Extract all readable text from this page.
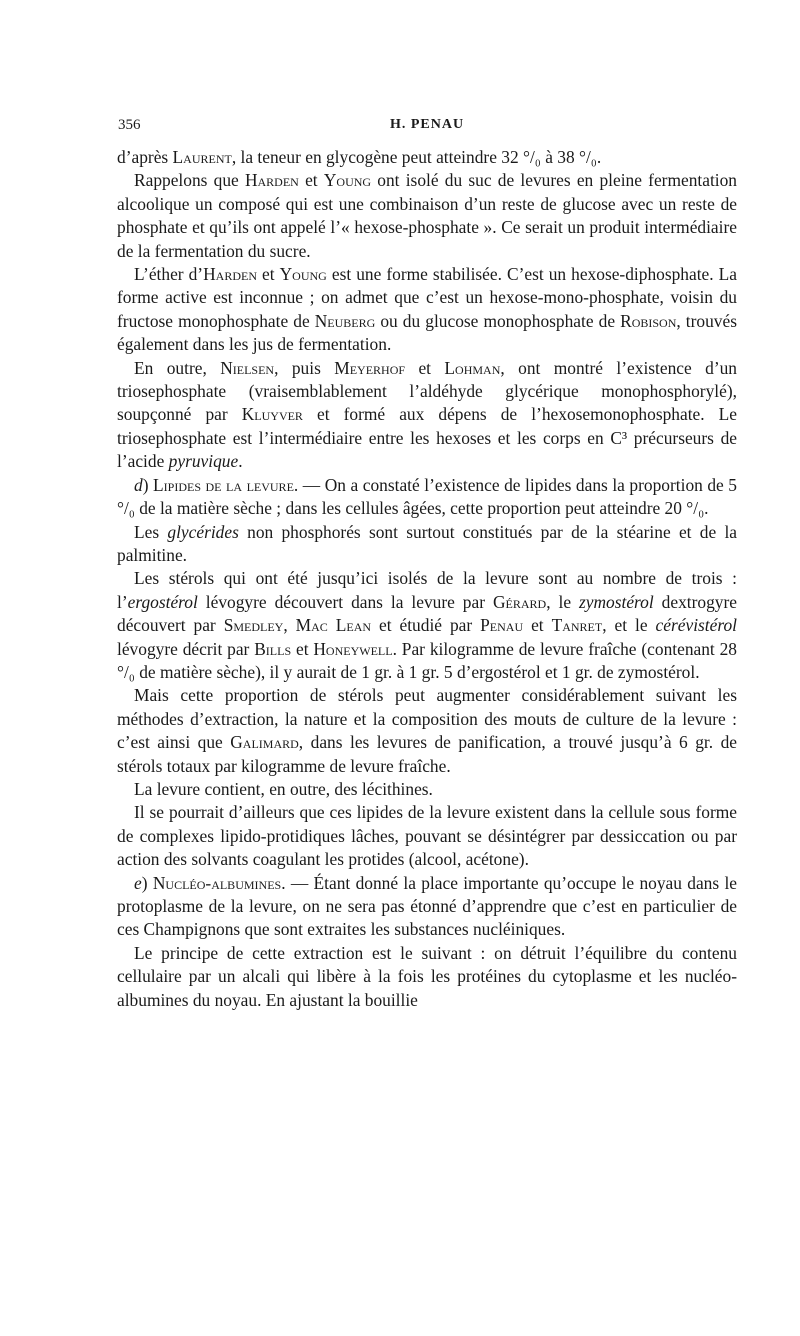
356	H. PENAU

d’après Laurent, la teneur en glycogène peut atteindre 32 °/₀ à 38 °/₀.

Rappelons que Harden et Young ont isolé du suc de levures en pleine fermentation alcoolique un composé qui est une combinaison d’un reste de glucose avec un reste de phosphate et qu’ils ont appelé l’« hexose-phosphate ». Ce serait un produit intermédiaire de la fermentation du sucre.

L’éther d’Harden et Young est une forme stabilisée. C’est un hexose-diphosphate. La forme active est inconnue ; on admet que c’est un hexose-mono-phosphate, voisin du fructose monophosphate de Neuberg ou du glucose monophosphate de Robison, trouvés également dans les jus de fermentation.

En outre, Nielsen, puis Meyerhof et Lohman, ont montré l’existence d’un triosephosphate (vraisemblablement l’aldéhyde glycérique monophosphorylé), soupçonné par Kluyver et formé aux dépens de l’hexosemonophosphate. Le triosephosphate est l’intermédiaire entre les hexoses et les corps en C³ précurseurs de l’acide pyruvique.

d) Lipides de la levure. — On a constaté l’existence de lipides dans la proportion de 5 °/₀ de la matière sèche ; dans les cellules âgées, cette proportion peut atteindre 20 °/₀.

Les glycérides non phosphorés sont surtout constitués par de la stéarine et de la palmitine.

Les stérols qui ont été jusqu’ici isolés de la levure sont au nombre de trois : l’ergostérol lévogyre découvert dans la levure par Gérard, le zymostérol dextrogyre découvert par Smedley, Mac Lean et étudié par Penau et Tanret, et le cérévistérol lévogyre décrit par Bills et Honeywell. Par kilogramme de levure fraîche (contenant 28 °/₀ de matière sèche), il y aurait de 1 gr. à 1 gr. 5 d’ergostérol et 1 gr. de zymostérol.

Mais cette proportion de stérols peut augmenter considérablement suivant les méthodes d’extraction, la nature et la composition des mouts de culture de la levure : c’est ainsi que Galimard, dans les levures de panification, a trouvé jusqu’à 6 gr. de stérols totaux par kilogramme de levure fraîche.

La levure contient, en outre, des lécithines.

Il se pourrait d’ailleurs que ces lipides de la levure existent dans la cellule sous forme de complexes lipido-protidiques lâches, pouvant se désintégrer par dessiccation ou par action des solvants coagulant les protides (alcool, acétone).

e) Nucléo-albumines. — Étant donné la place importante qu’occupe le noyau dans le protoplasme de la levure, on ne sera pas étonné d’apprendre que c’est en particulier de ces Champignons que sont extraites les substances nucléiniques.

Le principe de cette extraction est le suivant : on détruit l’équilibre du contenu cellulaire par un alcali qui libère à la fois les protéines du cytoplasme et les nucléo-albumines du noyau. En ajustant la bouillie
